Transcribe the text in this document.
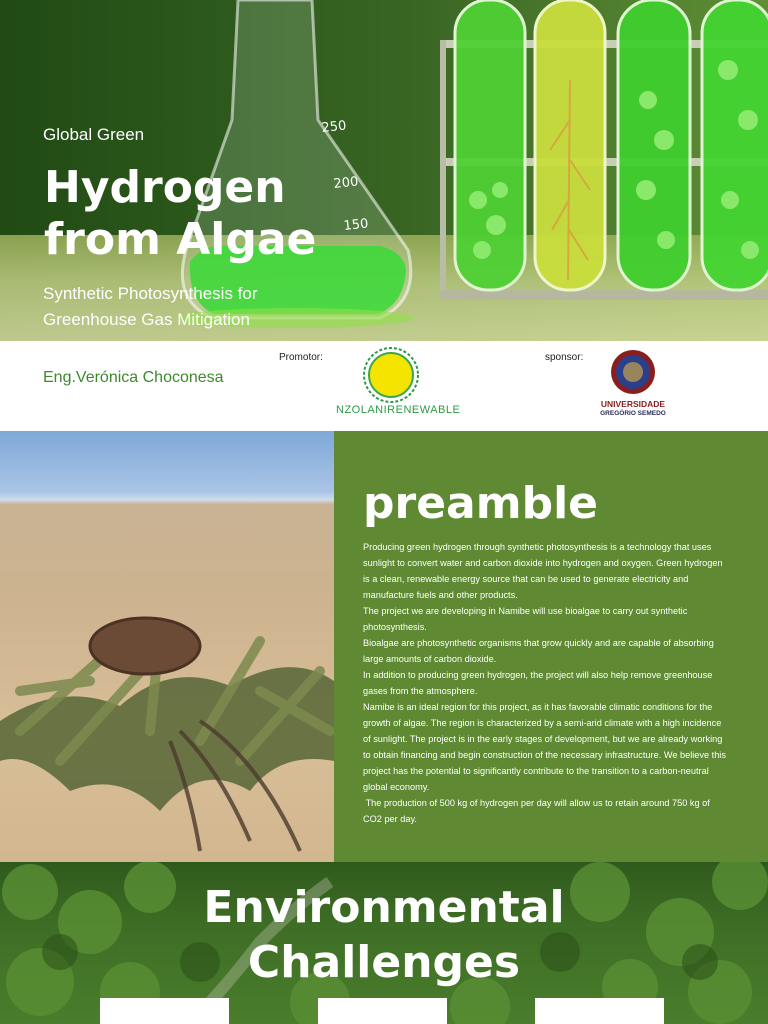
250
200
150
Global Green
Hydrogen
from Algae
Synthetic Photosynthesis for
Greenhouse Gas Mitigation
Eng.Verónica Choconesa
Promotor:
NZOLANIRENEWABLE
sponsor:
UNIVERSIDADE
GREGÓRIO SEMEDO
preamble

Producing green hydrogen through synthetic photosynthesis is a technology that uses sunlight to convert water and carbon dioxide into hydrogen and oxygen. Green hydrogen is a clean, renewable energy source that can be used to generate electricity and manufacture fuels and other products.

The project we are developing in Namibe will use bioalgae to carry out synthetic photosynthesis.

Bioalgae are photosynthetic organisms that grow quickly and are capable of absorbing large amounts of carbon dioxide.

In addition to producing green hydrogen, the project will also help remove greenhouse gases from the atmosphere.

Namibe is an ideal region for this project, as it has favorable climatic conditions for the growth of algae. The region is characterized by a semi-arid climate with a high incidence of sunlight. The project is in the early stages of development, but we are already working to obtain financing and begin construction of the necessary infrastructure. We believe this project has the potential to significantly contribute to the transition to a carbon-neutral global economy.

The production of 500 kg of hydrogen per day will allow us to retain around 750 kg of CO2 per day.

Environmental
Challenges
